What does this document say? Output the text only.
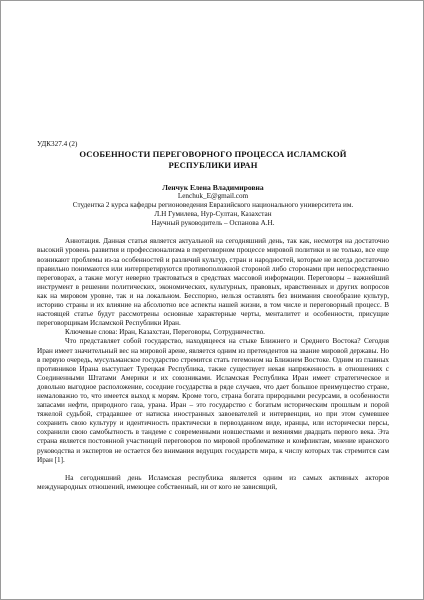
УДК327.4 (2)

ОСОБЕННОСТИ ПЕРЕГОВОРНОГО ПРОЦЕССА ИСЛАМСКОЙ
РЕСПУБЛИКИ ИРАН

Ленчук Елена Владимировна

Lenchuk_E@gmail.com

Студентка 2 курса кафедры регионоведения Евразийского национального университета им.

Л.Н Гумилева, Нур-Султан, Казахстан

Научный руководитель – Оспанова А.Н.

Аннотация. Данная статья является актуальной на сегодняшний день, так как, несмотря на достаточно высокий уровень развития и профессионализма в переговорном процессе мировой политики и не только, все еще возникают проблемы из-за особенностей и различий культур, стран и народностей, которые не всегда достаточно правильно понимаются или интерпретируются противоположной стороной либо сторонами при непосредственно переговорах, а также могут неверно трактоваться в средствах массовой информации. Переговоры – важнейший инструмент в решении политических, экономических, культурных, правовых, нравственных и других вопросов как на мировом уровне, так и на локальном. Бесспорно, нельзя оставлять без внимания своеобразие культур, историю страны и их влияние на абсолютно все аспекты нашей жизни, в том числе и переговорный процесс. В настоящей статье будут рассмотрены основные характерные черты, менталитет и особенности, присущие переговорщикам Исламской Республики Иран.

Ключевые слова: Иран, Казахстан, Переговоры, Сотрудничество.

Что представляет собой государство, находящееся на стыке Ближнего и Среднего Востока? Сегодня Иран имеет значительный вес на мировой арене, является одним из претендентов на звание мировой державы. Но в первую очередь, мусульманское государство стремится стать гегемоном на Ближнем Востоке. Одним из главных противников Ирана выступает Турецкая Республика, также существует некая напряженность в отношениях с Соединенными Штатами Америки и их союзниками. Исламская Республика Иран имеет стратегическое и довольно выгодное расположение, соседние государства в ряде случаев, что дает большое преимущество стране, немаловажно то, что имеется выход к морям. Кроме того, страна богата природными ресурсами, в особенности запасами нефти, природного газа, урана. Иран – это государство с богатым историческим прошлым и порой тяжелой судьбой, страдавшее от натиска иностранных завоевателей и интервенции, но при этом сумевшее сохранить свою культуру и идентичность практически в первозданном виде, иранцы, или исторически персы, сохранили свою самобытность в тандеме с современными новшествами и веяниями двадцать первого века. Эта страна является постоянной участницей переговоров по мировой проблематике и конфликтам, мнение иранского руководства и экспертов не остается без внимания ведущих государств мира, к числу которых так стремится сам Иран [1].

На сегодняшний день Исламская республика является одним из самых активных акторов международных отношений, имеющее собственный, ни от кого не зависящий,
